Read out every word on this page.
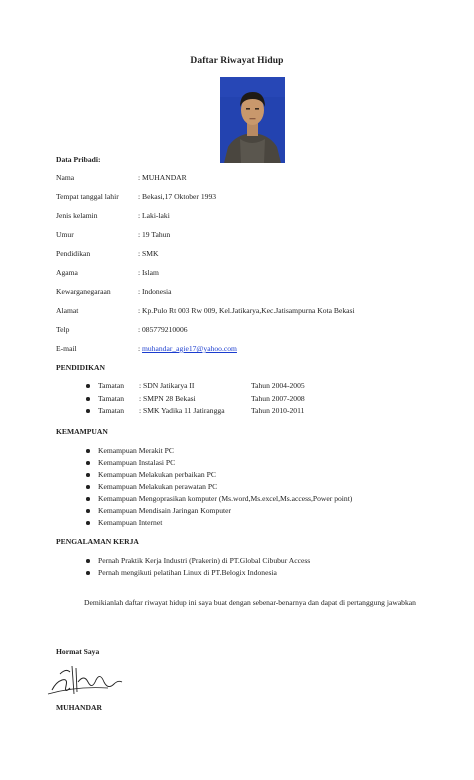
Daftar Riwayat Hidup
Data Pribadi:
Nama	: MUHANDAR
Tempat tanggal lahir	: Bekasi,17 Oktober 1993
Jenis kelamin	: Laki-laki
Umur	: 19 Tahun
Pendidikan	: SMK
Agama	: Islam
Kewarganegaraan	: Indonesia
Alamat	: Kp.Pulo Rt 003 Rw 009, Kel.Jatikarya,Kec.Jatisampurna Kota Bekasi
Telp	: 085779210006
E-mail	: muhandar_agie17@yahoo.com
PENDIDIKAN
Tamatan : SDN Jatikarya II	Tahun 2004-2005
Tamatan : SMPN 28 Bekasi	Tahun 2007-2008
Tamatan : SMK Yadika 11 Jatirangga	Tahun 2010-2011
KEMAMPUAN
Kemampuan Merakit PC
Kemampuan Instalasi PC
Kemampuan Melakukan perbaikan PC
Kemampuan Melakukan perawatan PC
Kemampuan Mengoprasikan komputer (Ms.word,Ms.excel,Ms.access,Power point)
Kemampuan Mendisain Jaringan Komputer
Kemampuan Internet
PENGALAMAN KERJA
Pernah Praktik Kerja Industri (Prakerin) di PT.Global Cibubur Access
Pernah mengikuti pelatihan Linux di PT.Belogix Indonesia
Demikianlah daftar riwayat hidup ini saya buat dengan sebenar-benarnya dan dapat di pertanggung jawabkan
Hormat Saya
MUHANDAR
